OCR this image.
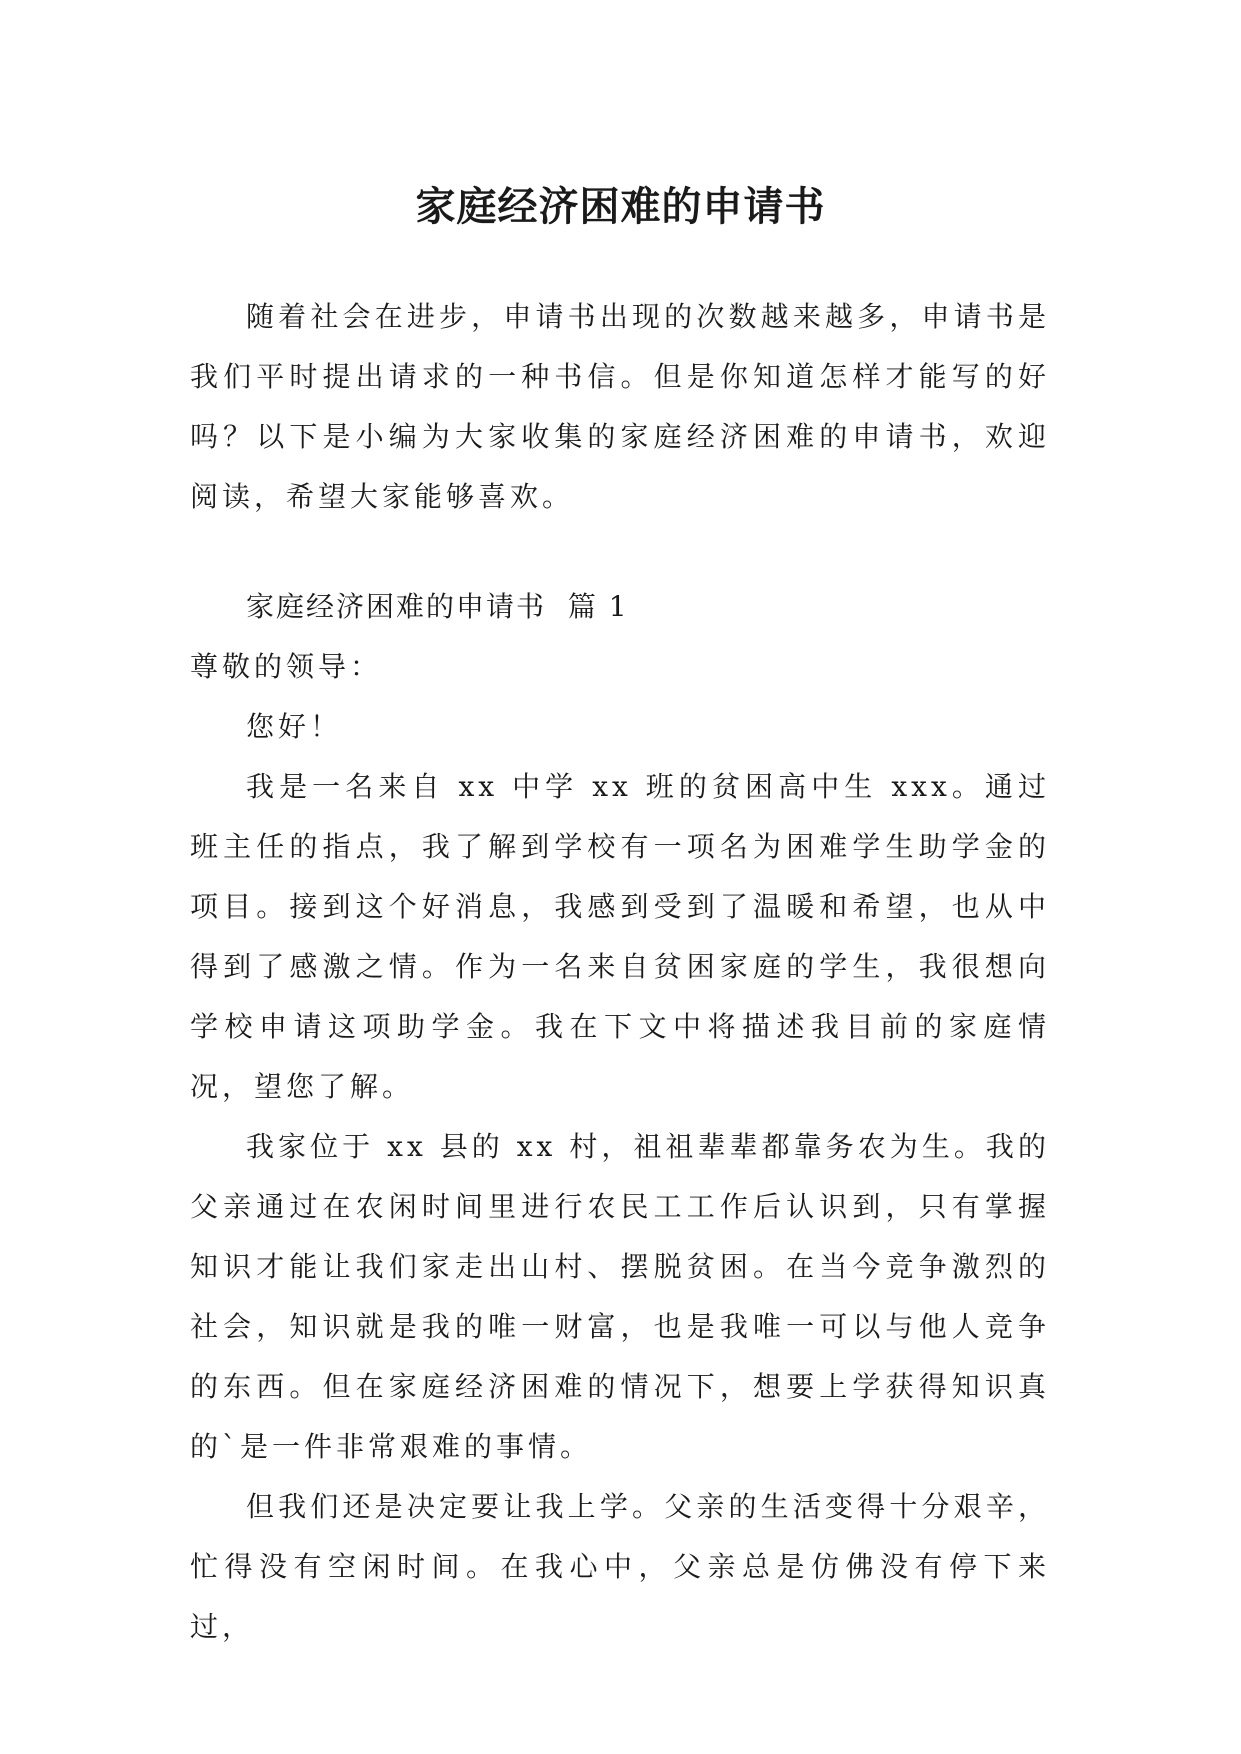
家庭经济困难的申请书

随着社会在进步，申请书出现的次数越来越多，申请书是我们平时提出请求的一种书信。但是你知道怎样才能写的好吗？以下是小编为大家收集的家庭经济困难的申请书，欢迎阅读，希望大家能够喜欢。

家庭经济困难的申请书 篇 1

尊敬的领导：

您好！

我是一名来自 xx 中学 xx 班的贫困高中生 xxx。通过班主任的指点，我了解到学校有一项名为困难学生助学金的项目。接到这个好消息，我感到受到了温暖和希望，也从中得到了感激之情。作为一名来自贫困家庭的学生，我很想向学校申请这项助学金。我在下文中将描述我目前的家庭情况，望您了解。

我家位于 xx 县的 xx 村，祖祖辈辈都靠务农为生。我的父亲通过在农闲时间里进行农民工工作后认识到，只有掌握知识才能让我们家走出山村、摆脱贫困。在当今竞争激烈的社会，知识就是我的唯一财富，也是我唯一可以与他人竞争的东西。但在家庭经济困难的情况下，想要上学获得知识真的`是一件非常艰难的事情。

但我们还是决定要让我上学。父亲的生活变得十分艰辛，忙得没有空闲时间。在我心中，父亲总是仿佛没有停下来过，
